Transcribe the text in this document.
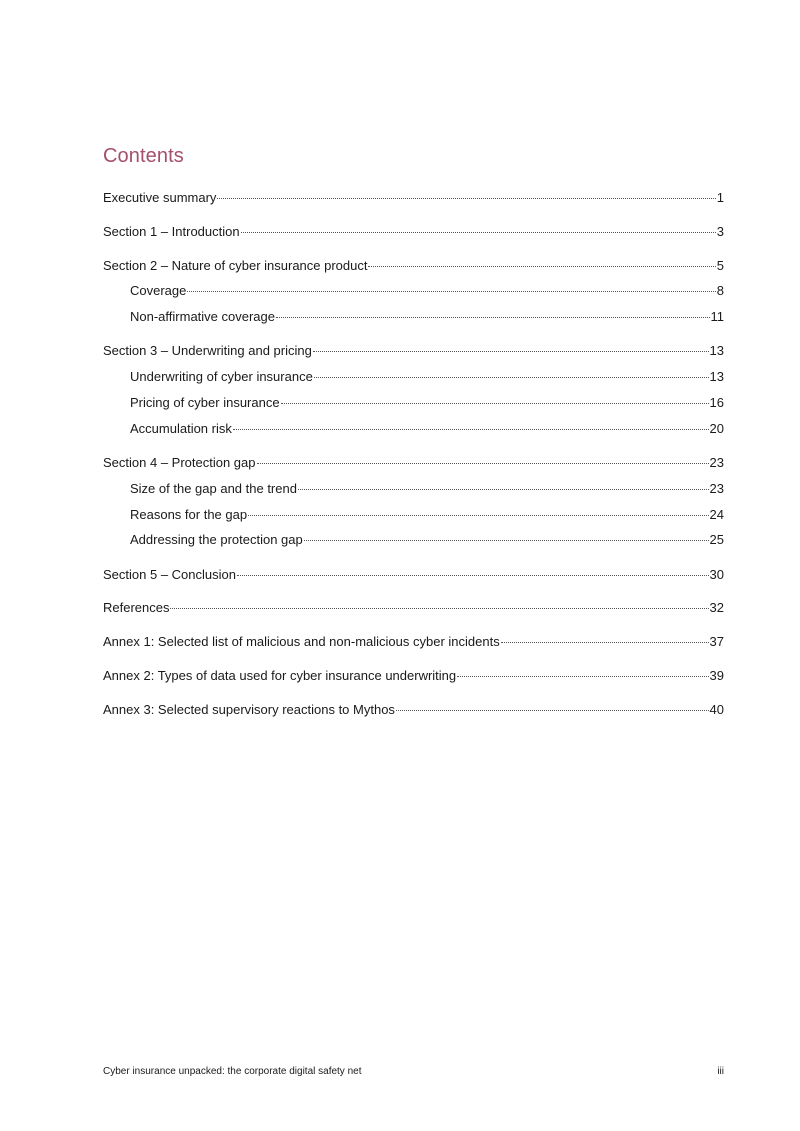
Contents
Executive summary	1
Section 1 – Introduction	3
Section 2 – Nature of cyber insurance product	5
Coverage	8
Non-affirmative coverage	11
Section 3 – Underwriting and pricing	13
Underwriting of cyber insurance	13
Pricing of cyber insurance	16
Accumulation risk	20
Section 4 – Protection gap	23
Size of the gap and the trend	23
Reasons for the gap	24
Addressing the protection gap	25
Section 5 – Conclusion	30
References	32
Annex 1: Selected list of malicious and non-malicious cyber incidents	37
Annex 2: Types of data used for cyber insurance underwriting	39
Annex 3: Selected supervisory reactions to Mythos	40
Cyber insurance unpacked: the corporate digital safety net	iii
